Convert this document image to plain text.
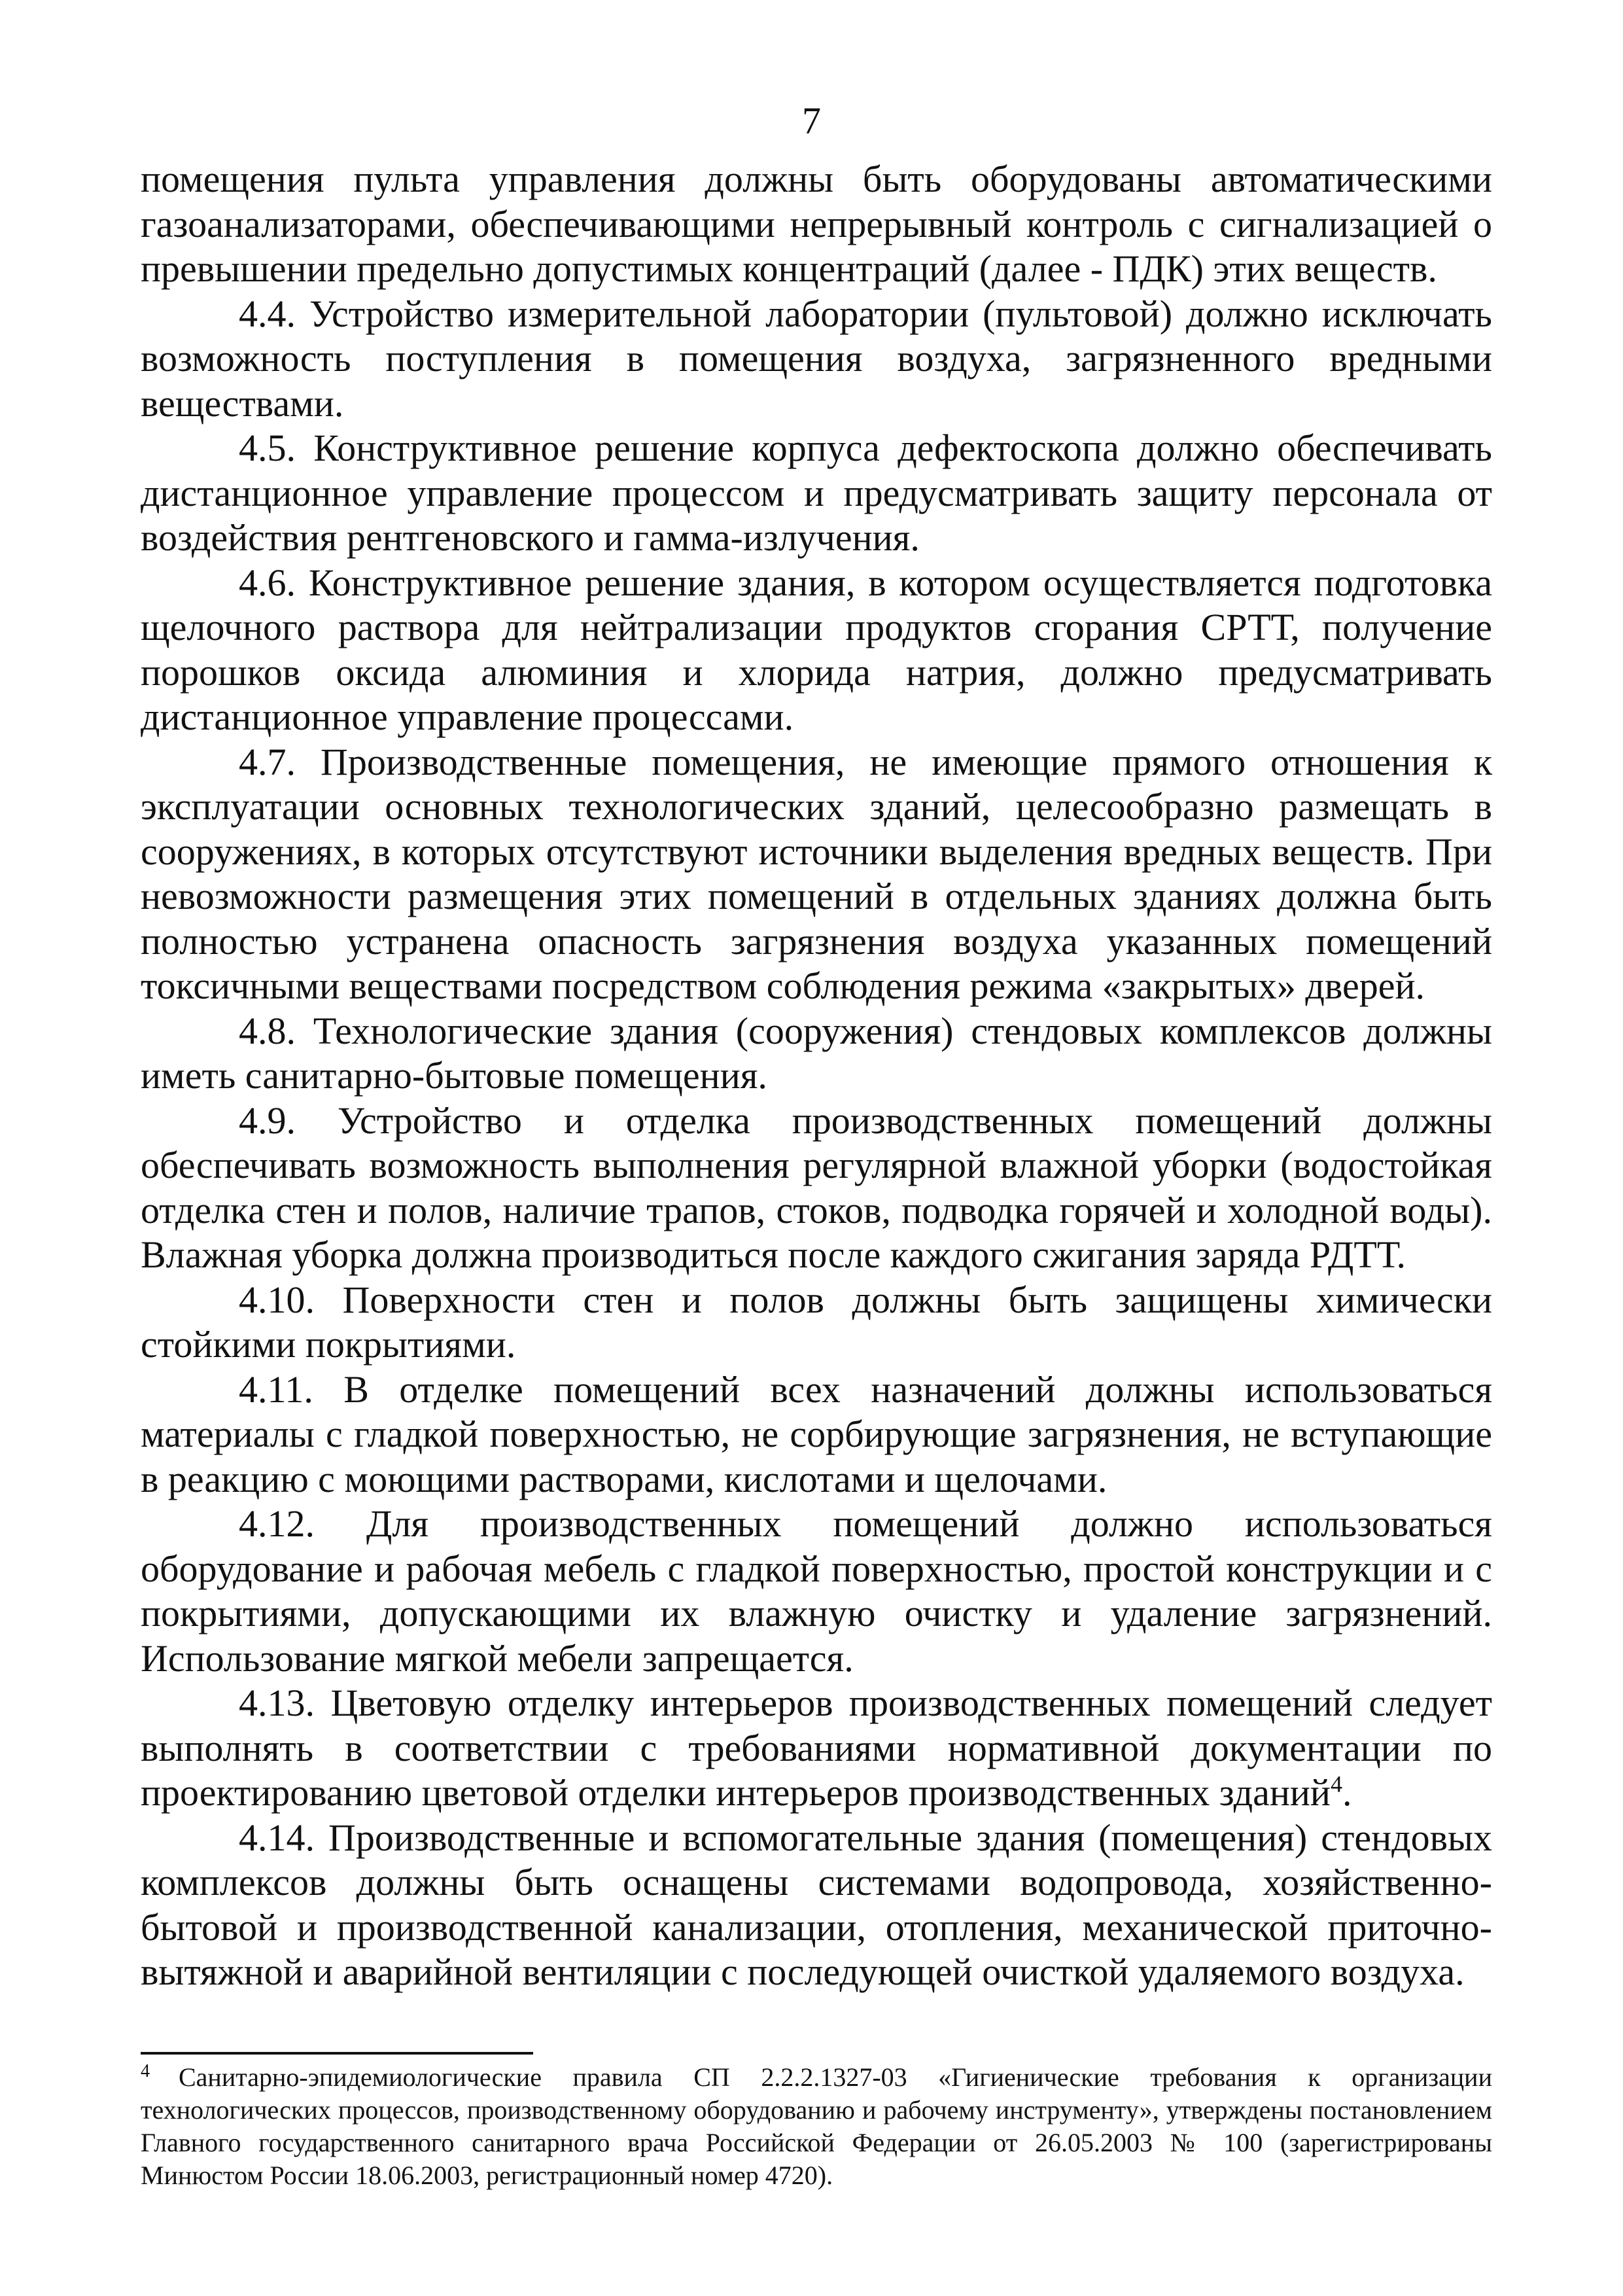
7

помещения пульта управления должны быть оборудованы автоматическими газоанализаторами, обеспечивающими непрерывный контроль с сигнализацией о превышении предельно допустимых концентраций (далее - ПДК) этих веществ.

4.4. Устройство измерительной лаборатории (пультовой) должно исключать возможность поступления в помещения воздуха, загрязненного вредными веществами.

4.5. Конструктивное решение корпуса дефектоскопа должно обеспечивать дистанционное управление процессом и предусматривать защиту персонала от воздействия рентгеновского и гамма-излучения.

4.6. Конструктивное решение здания, в котором осуществляется подготовка щелочного раствора для нейтрализации продуктов сгорания СРТТ, получение порошков оксида алюминия и хлорида натрия, должно предусматривать дистанционное управление процессами.

4.7. Производственные помещения, не имеющие прямого отношения к эксплуатации основных технологических зданий, целесообразно размещать в сооружениях, в которых отсутствуют источники выделения вредных веществ. При невозможности размещения этих помещений в отдельных зданиях должна быть полностью устранена опасность загрязнения воздуха указанных помещений токсичными веществами посредством соблюдения режима «закрытых» дверей.

4.8. Технологические здания (сооружения) стендовых комплексов должны иметь санитарно-бытовые помещения.

4.9. Устройство и отделка производственных помещений должны обеспечивать возможность выполнения регулярной влажной уборки (водостойкая отделка стен и полов, наличие трапов, стоков, подводка горячей и холодной воды). Влажная уборка должна производиться после каждого сжигания заряда РДТТ.

4.10. Поверхности стен и полов должны быть защищены химически стойкими покрытиями.

4.11. В отделке помещений всех назначений должны использоваться материалы с гладкой поверхностью, не сорбирующие загрязнения, не вступающие в реакцию с моющими растворами, кислотами и щелочами.

4.12. Для производственных помещений должно использоваться оборудование и рабочая мебель с гладкой поверхностью, простой конструкции и с покрытиями, допускающими их влажную очистку и удаление загрязнений. Использование мягкой мебели запрещается.

4.13. Цветовую отделку интерьеров производственных помещений следует выполнять в соответствии с требованиями нормативной документации по проектированию цветовой отделки интерьеров производственных зданий$^4$.

4.14. Производственные и вспомогательные здания (помещения) стендовых комплексов должны быть оснащены системами водопровода, хозяйственно-бытовой и производственной канализации, отопления, механической приточно-вытяжной и аварийной вентиляции с последующей очисткой удаляемого воздуха.

$^4$ Санитарно-эпидемиологические правила СП 2.2.2.1327-03 «Гигиенические требования к организации технологических процессов, производственному оборудованию и рабочему инструменту», утверждены постановлением Главного государственного санитарного врача Российской Федерации от 26.05.2003 № 100 (зарегистрированы Минюстом России 18.06.2003, регистрационный номер 4720).
